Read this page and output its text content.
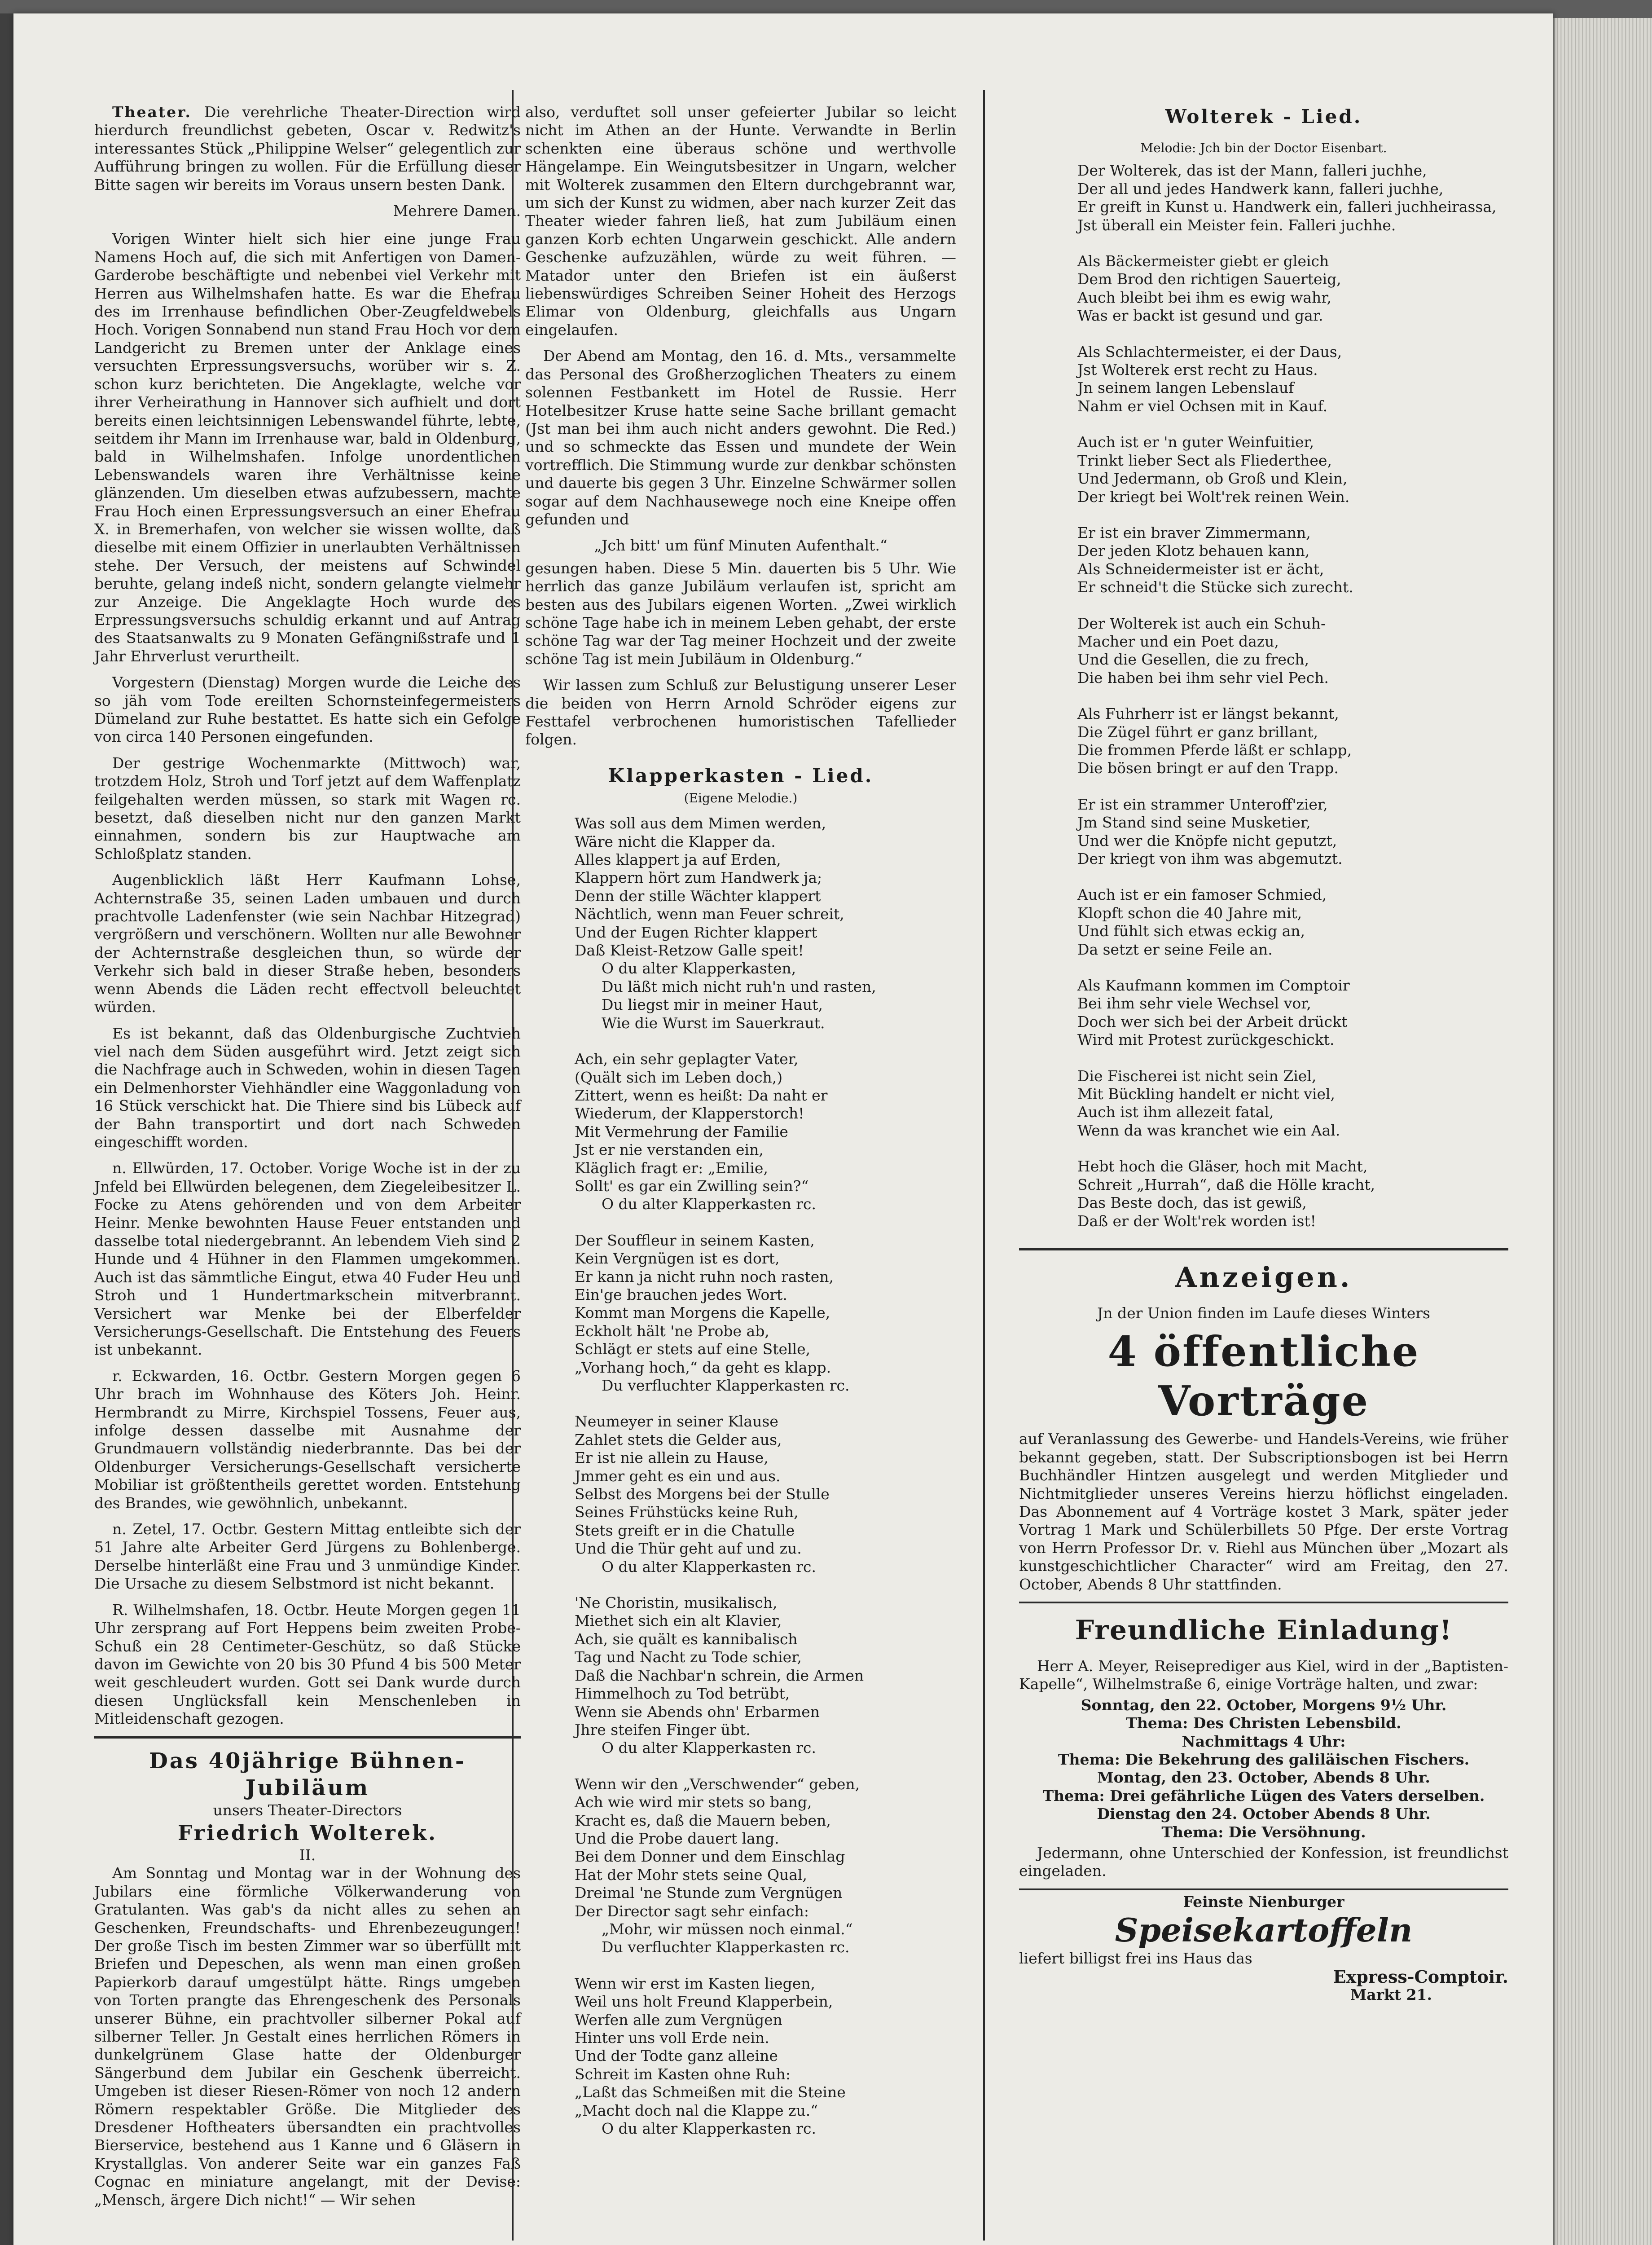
Theater. Die verehrliche Theater-Direction wird hierdurch freundlichst gebeten, Oscar v. Redwitz's interessantes Stück „Philippine Welser“ gelegentlich zur Aufführung bringen zu wollen. Für die Erfüllung dieser Bitte sagen wir bereits im Voraus unsern besten Dank.

Mehrere Damen.

Vorigen Winter hielt sich hier eine junge Frau Namens Hoch auf, die sich mit Anfertigen von Damen-Garderobe beschäftigte und nebenbei viel Verkehr mit Herren aus Wilhelmshafen hatte. Es war die Ehefrau des im Irrenhause befindlichen Ober-Zeugfeldwebels Hoch. Vorigen Sonnabend nun stand Frau Hoch vor dem Landgericht zu Bremen unter der Anklage eines versuchten Erpressungsversuchs, worüber wir s. Z. schon kurz berichteten. Die Angeklagte, welche vor ihrer Verheirathung in Hannover sich aufhielt und dort bereits einen leichtsinnigen Lebenswandel führte, lebte, seitdem ihr Mann im Irrenhause war, bald in Oldenburg, bald in Wilhelmshafen. Infolge unordentlichen Lebenswandels waren ihre Verhältnisse keine glänzenden. Um dieselben etwas aufzubessern, machte Frau Hoch einen Erpressungsversuch an einer Ehefrau X. in Bremerhafen, von welcher sie wissen wollte, daß dieselbe mit einem Offizier in unerlaubten Verhältnissen stehe. Der Versuch, der meistens auf Schwindel beruhte, gelang indeß nicht, sondern gelangte vielmehr zur Anzeige. Die Angeklagte Hoch wurde des Erpressungsversuchs schuldig erkannt und auf Antrag des Staatsanwalts zu 9 Monaten Gefängnißstrafe und 1 Jahr Ehrverlust verurtheilt.

Vorgestern (Dienstag) Morgen wurde die Leiche des so jäh vom Tode ereilten Schornsteinfegermeisters Dümeland zur Ruhe bestattet. Es hatte sich ein Gefolge von circa 140 Personen eingefunden.

Der gestrige Wochenmarkte (Mittwoch) war, trotzdem Holz, Stroh und Torf jetzt auf dem Waffenplatz feilgehalten werden müssen, so stark mit Wagen rc. besetzt, daß dieselben nicht nur den ganzen Markt einnahmen, sondern bis zur Hauptwache am Schloßplatz standen.

Augenblicklich läßt Herr Kaufmann Lohse, Achternstraße 35, seinen Laden umbauen und durch prachtvolle Ladenfenster (wie sein Nachbar Hitzegrad) vergrößern und verschönern. Wollten nur alle Bewohner der Achternstraße desgleichen thun, so würde der Verkehr sich bald in dieser Straße heben, besonders wenn Abends die Läden recht effectvoll beleuchtet würden.

Es ist bekannt, daß das Oldenburgische Zuchtvieh viel nach dem Süden ausgeführt wird. Jetzt zeigt sich die Nachfrage auch in Schweden, wohin in diesen Tagen ein Delmenhorster Viehhändler eine Waggonladung von 16 Stück verschickt hat. Die Thiere sind bis Lübeck auf der Bahn transportirt und dort nach Schweden eingeschifft worden.

n. Ellwürden, 17. October. Vorige Woche ist in der zu Jnfeld bei Ellwürden belegenen, dem Ziegeleibesitzer L. Focke zu Atens gehörenden und von dem Arbeiter Heinr. Menke bewohnten Hause Feuer entstanden und dasselbe total niedergebrannt. An lebendem Vieh sind 2 Hunde und 4 Hühner in den Flammen umgekommen. Auch ist das sämmtliche Eingut, etwa 40 Fuder Heu und Stroh und 1 Hundertmarkschein mitverbrannt. Versichert war Menke bei der Elberfelder Versicherungs-Gesellschaft. Die Entstehung des Feuers ist unbekannt.

r. Eckwarden, 16. Octbr. Gestern Morgen gegen 6 Uhr brach im Wohnhause des Köters Joh. Heinr. Hermbrandt zu Mirre, Kirchspiel Tossens, Feuer aus, infolge dessen dasselbe mit Ausnahme der Grundmauern vollständig niederbrannte. Das bei der Oldenburger Versicherungs-Gesellschaft versicherte Mobiliar ist größtentheils gerettet worden. Entstehung des Brandes, wie gewöhnlich, unbekannt.

n. Zetel, 17. Octbr. Gestern Mittag entleibte sich der 51 Jahre alte Arbeiter Gerd Jürgens zu Bohlenberge. Derselbe hinterläßt eine Frau und 3 unmündige Kinder. Die Ursache zu diesem Selbstmord ist nicht bekannt.

R. Wilhelmshafen, 18. Octbr. Heute Morgen gegen 11 Uhr zersprang auf Fort Heppens beim zweiten Probe-Schuß ein 28 Centimeter-Geschütz, so daß Stücke davon im Gewichte von 20 bis 30 Pfund 4 bis 500 Meter weit geschleudert wurden. Gott sei Dank wurde durch diesen Unglücksfall kein Menschenleben in Mitleidenschaft gezogen.

Das 40jährige Bühnen-Jubiläum
unsers Theater-Directors
Friedrich Wolterek.
II.

Am Sonntag und Montag war in der Wohnung des Jubilars eine förmliche Völkerwanderung von Gratulanten. Was gab's da nicht alles zu sehen an Geschenken, Freundschafts- und Ehrenbezeugungen! Der große Tisch im besten Zimmer war so überfüllt mit Briefen und Depeschen, als wenn man einen großen Papierkorb darauf umgestülpt hätte. Rings umgeben von Torten prangte das Ehrengeschenk des Personals unserer Bühne, ein prachtvoller silberner Pokal auf silberner Teller. Jn Gestalt eines herrlichen Römers in dunkelgrünem Glase hatte der Oldenburger Sängerbund dem Jubilar ein Geschenk überreicht. Umgeben ist dieser Riesen-Römer von noch 12 andern Römern respektabler Größe. Die Mitglieder des Dresdener Hoftheaters übersandten ein prachtvolles Bierservice, bestehend aus 1 Kanne und 6 Gläsern in Krystallglas. Von anderer Seite war ein ganzes Faß Cognac en miniature angelangt, mit der Devise: „Mensch, ärgere Dich nicht!“ — Wir sehen

also, verduftet soll unser gefeierter Jubilar so leicht nicht im Athen an der Hunte. Verwandte in Berlin schenkten eine überaus schöne und werthvolle Hängelampe. Ein Weingutsbesitzer in Ungarn, welcher mit Wolterek zusammen den Eltern durchgebrannt war, um sich der Kunst zu widmen, aber nach kurzer Zeit das Theater wieder fahren ließ, hat zum Jubiläum einen ganzen Korb echten Ungarwein geschickt. Alle andern Geschenke aufzuzählen, würde zu weit führen. — Matador unter den Briefen ist ein äußerst liebenswürdiges Schreiben Seiner Hoheit des Herzogs Elimar von Oldenburg, gleichfalls aus Ungarn eingelaufen.

Der Abend am Montag, den 16. d. Mts., versammelte das Personal des Großherzoglichen Theaters zu einem solennen Festbankett im Hotel de Russie. Herr Hotelbesitzer Kruse hatte seine Sache brillant gemacht (Jst man bei ihm auch nicht anders gewohnt. Die Red.) und so schmeckte das Essen und mundete der Wein vortrefflich. Die Stimmung wurde zur denkbar schönsten und dauerte bis gegen 3 Uhr. Einzelne Schwärmer sollen sogar auf dem Nachhausewege noch eine Kneipe offen gefunden und

„Jch bitt' um fünf Minuten Aufenthalt.“

gesungen haben. Diese 5 Min. dauerten bis 5 Uhr. Wie herrlich das ganze Jubiläum verlaufen ist, spricht am besten aus des Jubilars eigenen Worten. „Zwei wirklich schöne Tage habe ich in meinem Leben gehabt, der erste schöne Tag war der Tag meiner Hochzeit und der zweite schöne Tag ist mein Jubiläum in Oldenburg.“

Wir lassen zum Schluß zur Belustigung unserer Leser die beiden von Herrn Arnold Schröder eigens zur Festtafel verbrochenen humoristischen Tafellieder folgen.

Klapperkasten - Lied.
(Eigene Melodie.)
Was soll aus dem Mimen werden,
Wäre nicht die Klapper da.
Alles klappert ja auf Erden,
Klappern hört zum Handwerk ja;
Denn der stille Wächter klappert
Nächtlich, wenn man Feuer schreit,
Und der Eugen Richter klappert
Daß Kleist-Retzow Galle speit!
O du alter Klapperkasten,
Du läßt mich nicht ruh'n und rasten,
Du liegst mir in meiner Haut,
Wie die Wurst im Sauerkraut.
Ach, ein sehr geplagter Vater,
(Quält sich im Leben doch,)
Zittert, wenn es heißt: Da naht er
Wiederum, der Klapperstorch!
Mit Vermehrung der Familie
Jst er nie verstanden ein,
Kläglich fragt er: „Emilie,
Sollt' es gar ein Zwilling sein?“
O du alter Klapperkasten rc.
Der Souffleur in seinem Kasten,
Kein Vergnügen ist es dort,
Er kann ja nicht ruhn noch rasten,
Ein'ge brauchen jedes Wort.
Kommt man Morgens die Kapelle,
Eckholt hält 'ne Probe ab,
Schlägt er stets auf eine Stelle,
„Vorhang hoch,“ da geht es klapp.
Du verfluchter Klapperkasten rc.
Neumeyer in seiner Klause
Zahlet stets die Gelder aus,
Er ist nie allein zu Hause,
Jmmer geht es ein und aus.
Selbst des Morgens bei der Stulle
Seines Frühstücks keine Ruh,
Stets greift er in die Chatulle
Und die Thür geht auf und zu.
O du alter Klapperkasten rc.
'Ne Choristin, musikalisch,
Miethet sich ein alt Klavier,
Ach, sie quält es kannibalisch
Tag und Nacht zu Tode schier,
Daß die Nachbar'n schrein, die Armen
Himmelhoch zu Tod betrübt,
Wenn sie Abends ohn' Erbarmen
Jhre steifen Finger übt.
O du alter Klapperkasten rc.
Wenn wir den „Verschwender“ geben,
Ach wie wird mir stets so bang,
Kracht es, daß die Mauern beben,
Und die Probe dauert lang.
Bei dem Donner und dem Einschlag
Hat der Mohr stets seine Qual,
Dreimal 'ne Stunde zum Vergnügen
Der Director sagt sehr einfach:
„Mohr, wir müssen noch einmal.“
Du verfluchter Klapperkasten rc.
Wenn wir erst im Kasten liegen,
Weil uns holt Freund Klapperbein,
Werfen alle zum Vergnügen
Hinter uns voll Erde nein.
Und der Todte ganz alleine
Schreit im Kasten ohne Ruh:
„Laßt das Schmeißen mit die Steine
„Macht doch nal die Klappe zu.“
O du alter Klapperkasten rc.
Wolterek - Lied.
Melodie: Jch bin der Doctor Eisenbart.
Der Wolterek, das ist der Mann, falleri juchhe,
Der all und jedes Handwerk kann, falleri juchhe,
Er greift in Kunst u. Handwerk ein, falleri juchheirassa,
Jst überall ein Meister fein. Falleri juchhe.
Als Bäckermeister giebt er gleich
Dem Brod den richtigen Sauerteig,
Auch bleibt bei ihm es ewig wahr,
Was er backt ist gesund und gar.
Als Schlachtermeister, ei der Daus,
Jst Wolterek erst recht zu Haus.
Jn seinem langen Lebenslauf
Nahm er viel Ochsen mit in Kauf.
Auch ist er 'n guter Weinfuitier,
Trinkt lieber Sect als Fliederthee,
Und Jedermann, ob Groß und Klein,
Der kriegt bei Wolt'rek reinen Wein.
Er ist ein braver Zimmermann,
Der jeden Klotz behauen kann,
Als Schneidermeister ist er ächt,
Er schneid't die Stücke sich zurecht.
Der Wolterek ist auch ein Schuh-
Macher und ein Poet dazu,
Und die Gesellen, die zu frech,
Die haben bei ihm sehr viel Pech.
Als Fuhrherr ist er längst bekannt,
Die Zügel führt er ganz brillant,
Die frommen Pferde läßt er schlapp,
Die bösen bringt er auf den Trapp.
Er ist ein strammer Unteroff'zier,
Jm Stand sind seine Musketier,
Und wer die Knöpfe nicht geputzt,
Der kriegt von ihm was abgemutzt.
Auch ist er ein famoser Schmied,
Klopft schon die 40 Jahre mit,
Und fühlt sich etwas eckig an,
Da setzt er seine Feile an.
Als Kaufmann kommen im Comptoir
Bei ihm sehr viele Wechsel vor,
Doch wer sich bei der Arbeit drückt
Wird mit Protest zurückgeschickt.
Die Fischerei ist nicht sein Ziel,
Mit Bückling handelt er nicht viel,
Auch ist ihm allezeit fatal,
Wenn da was kranchet wie ein Aal.
Hebt hoch die Gläser, hoch mit Macht,
Schreit „Hurrah“, daß die Hölle kracht,
Das Beste doch, das ist gewiß,
Daß er der Wolt'rek worden ist!
Anzeigen.
Jn der Union finden im Laufe dieses Winters
4 öffentliche Vorträge

auf Veranlassung des Gewerbe- und Handels-Vereins, wie früher bekannt gegeben, statt. Der Subscriptionsbogen ist bei Herrn Buchhändler Hintzen ausgelegt und werden Mitglieder und Nichtmitglieder unseres Vereins hierzu höflichst eingeladen. Das Abonnement auf 4 Vorträge kostet 3 Mark, später jeder Vortrag 1 Mark und Schülerbillets 50 Pfge. Der erste Vortrag von Herrn Professor Dr. v. Riehl aus München über „Mozart als kunstgeschichtlicher Character“ wird am Freitag, den 27. October, Abends 8 Uhr stattfinden.

Freundliche Einladung!

Herr A. Meyer, Reiseprediger aus Kiel, wird in der „Baptisten-Kapelle“, Wilhelmstraße 6, einige Vorträge halten, und zwar:

Sonntag, den 22. October, Morgens 9½ Uhr.
Thema: Des Christen Lebensbild.
Nachmittags 4 Uhr:
Thema: Die Bekehrung des galiläischen Fischers.
Montag, den 23. October, Abends 8 Uhr.
Thema: Drei gefährliche Lügen des Vaters derselben.
Dienstag den 24. October Abends 8 Uhr.
Thema: Die Versöhnung.

Jedermann, ohne Unterschied der Konfession, ist freundlichst eingeladen.

Feinste Nienburger
Speisekartoffeln
liefert billigst frei ins Haus das
Express-Comptoir.
Markt 21.
